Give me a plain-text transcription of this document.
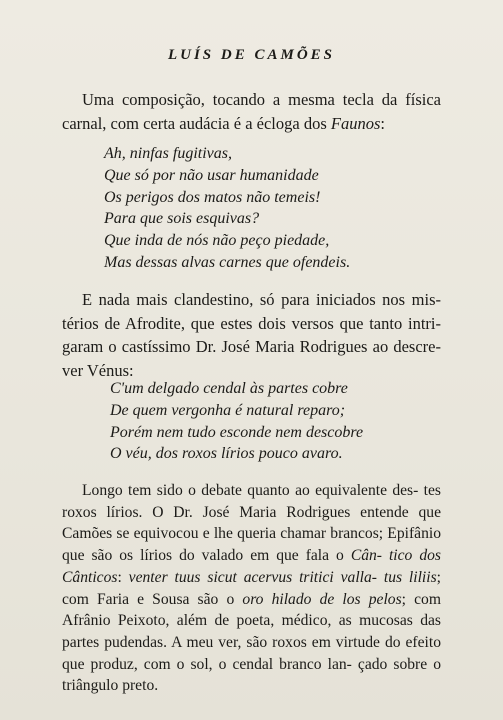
LUÍS DE CAMÕES

Uma composição, tocando a mesma tecla da física carnal, com certa audácia é a écloga dos Faunos:

Ah, ninfas fugitivas,
Que só por não usar humanidade
Os perigos dos matos não temeis!
Para que sois esquivas?
Que inda de nós não peço piedade,
Mas dessas alvas carnes que ofendeis.

E nada mais clandestino, só para iniciados nos mis- térios de Afrodite, que estes dois versos que tanto intri- garam o castíssimo Dr. José Maria Rodrigues ao descre- ver Vénus:

C'um delgado cendal às partes cobre
De quem vergonha é natural reparo;
Porém nem tudo esconde nem descobre
O véu, dos roxos lírios pouco avaro.

Longo tem sido o debate quanto ao equivalente des- tes roxos lírios. O Dr. José Maria Rodrigues entende que Camões se equivocou e lhe queria chamar brancos; Epifânio que são os lírios do valado em que fala o Cân- tico dos Cânticos: venter tuus sicut acervus tritici valla- tus liliis; com Faria e Sousa são o oro hilado de los pelos; com Afrânio Peixoto, além de poeta, médico, as mucosas das partes pudendas. A meu ver, são roxos em virtude do efeito que produz, com o sol, o cendal branco lan- çado sobre o triângulo preto.
